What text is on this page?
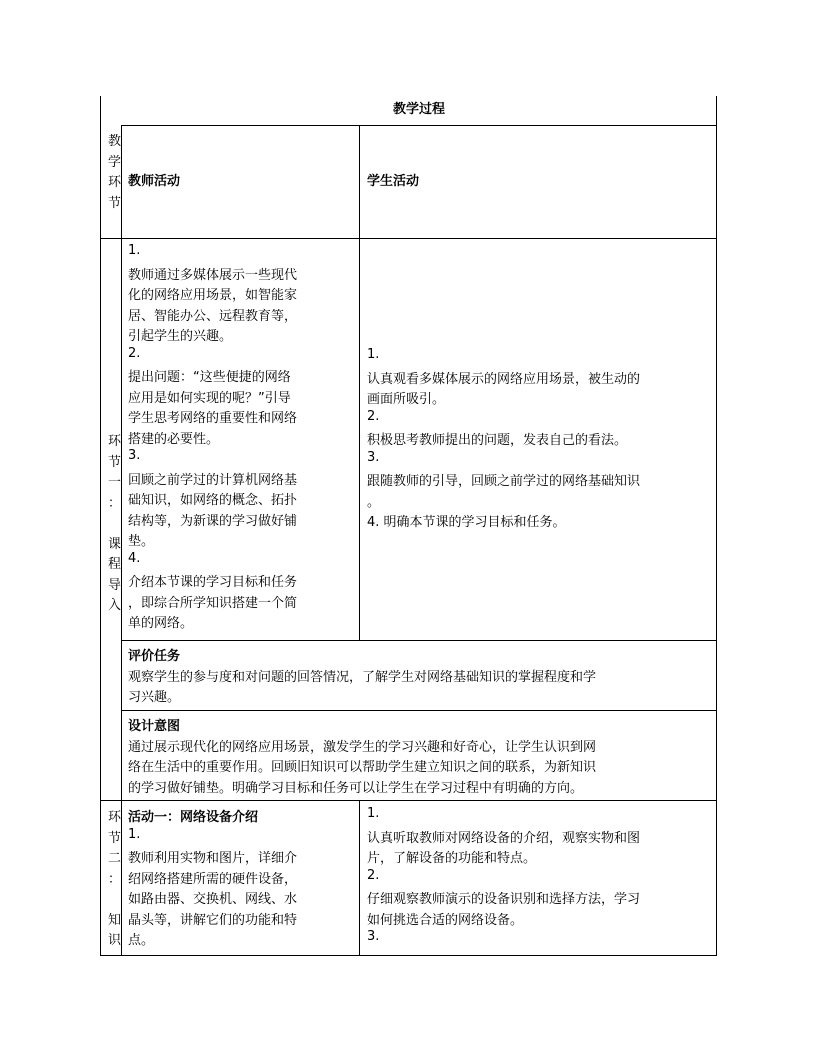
教学过程
教
学
环
节
环
节
一
：
课
程
导
入
环
节
二
：
知
识
教师活动	学生活动
1.
教师通过多媒体展示一些现代
化的网络应用场景，如智能家
居、智能办公、远程教育等，
引起学生的兴趣。
2.
提出问题：“这些便捷的网络
应用是如何实现的呢？”引导
学生思考网络的重要性和网络
搭建的必要性。
3.
回顾之前学过的计算机网络基
础知识，如网络的概念、拓扑
结构等，为新课的学习做好铺
垫。
4.
介绍本节课的学习目标和任务
，即综合所学知识搭建一个简
单的网络。
1.
认真观看多媒体展示的网络应用场景，被生动的
画面所吸引。
2.
积极思考教师提出的问题，发表自己的看法。
3.
跟随教师的引导，回顾之前学过的网络基础知识
。
4. 明确本节课的学习目标和任务。
评价任务
观察学生的参与度和对问题的回答情况，了解学生对网络基础知识的掌握程度和学
习兴趣。
设计意图
通过展示现代化的网络应用场景，激发学生的学习兴趣和好奇心，让学生认识到网
络在生活中的重要作用。回顾旧知识可以帮助学生建立知识之间的联系，为新知识
的学习做好铺垫。明确学习目标和任务可以让学生在学习过程中有明确的方向。
活动一：网络设备介绍
1.
教师利用实物和图片，详细介
绍网络搭建所需的硬件设备，
如路由器、交换机、网线、水
晶头等，讲解它们的功能和特
点。
1.
认真听取教师对网络设备的介绍，观察实物和图
片，了解设备的功能和特点。
2.
仔细观察教师演示的设备识别和选择方法，学习
如何挑选合适的网络设备。
3.
